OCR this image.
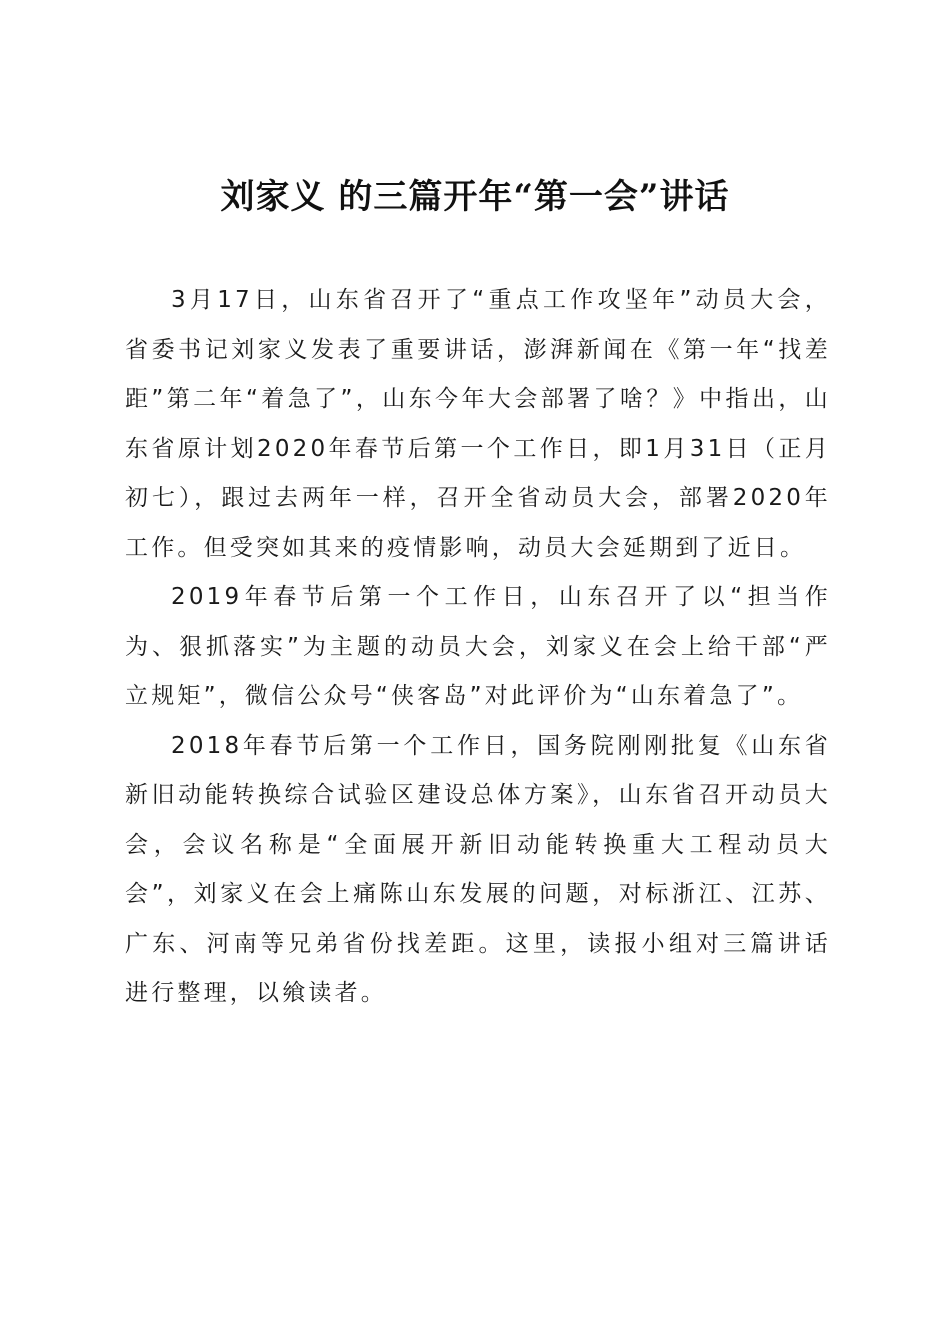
刘家义 的三篇开年“第一会”讲话

3月17日，山东省召开了“重点工作攻坚年”动员大会，省委书记刘家义发表了重要讲话，澎湃新闻在《第一年“找差距”第二年“着急了”，山东今年大会部署了啥？》中指出，山东省原计划2020年春节后第一个工作日，即1月31日（正月初七），跟过去两年一样，召开全省动员大会，部署2020年工作。但受突如其来的疫情影响，动员大会延期到了近日。

2019年春节后第一个工作日，山东召开了以“担当作为、狠抓落实”为主题的动员大会，刘家义在会上给干部“严立规矩”，微信公众号“侠客岛”对此评价为“山东着急了”。

2018年春节后第一个工作日，国务院刚刚批复《山东省新旧动能转换综合试验区建设总体方案》，山东省召开动员大会，会议名称是“全面展开新旧动能转换重大工程动员大会”，刘家义在会上痛陈山东发展的问题，对标浙江、江苏、广东、河南等兄弟省份找差距。这里，读报小组对三篇讲话进行整理，以飨读者。
